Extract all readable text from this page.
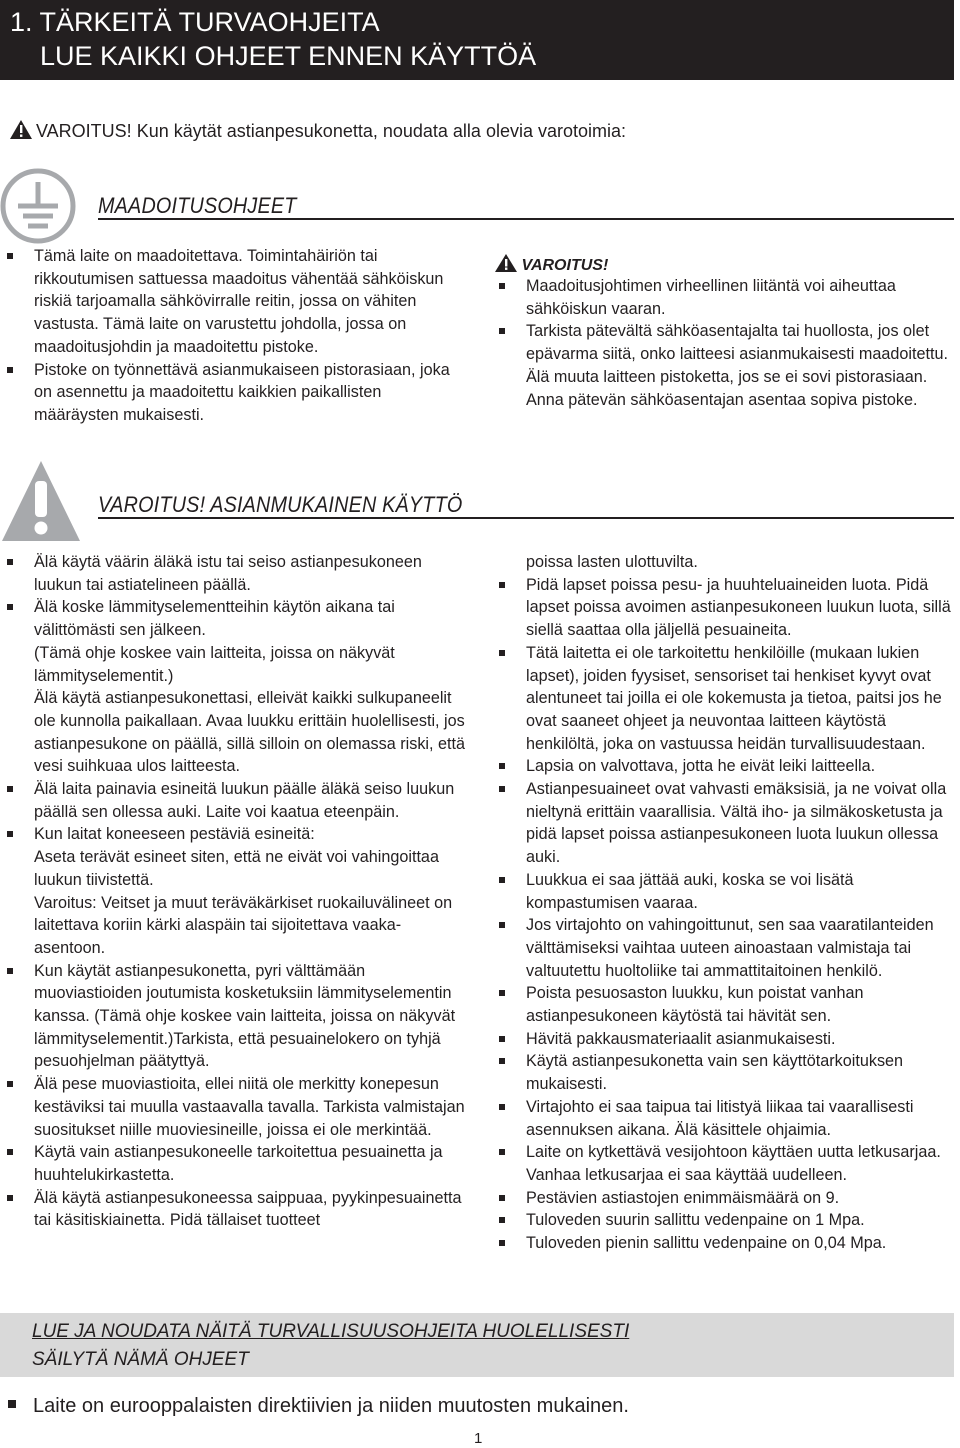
1. TÄRKEITÄ TURVAOHJEITA
LUE KAIKKI OHJEET ENNEN KÄYTTÖÄ
VAROITUS! Kun käytät astianpesukonetta, noudata alla olevia varotoimia:
MAADOITUSOHJEET
Tämä laite on maadoitettava. Toimintahäiriön tai rikkoutumisen sattuessa maadoitus vähentää sähköiskun riskiä tarjoamalla sähkövirralle reitin, jossa on vähiten vastusta. Tämä laite on varustettu johdolla, jossa on maadoitusjohdin ja maadoitettu pistoke.
Pistoke on työnnettävä asianmukaiseen pistorasiaan, joka on asennettu ja maadoitettu kaikkien paikallisten määräysten mukaisesti.
VAROITUS!
Maadoitusjohtimen virheellinen liitäntä voi aiheuttaa sähköiskun vaaran.
Tarkista pätevältä sähköasentajalta tai huollosta, jos olet epävarma siitä, onko laitteesi asianmukaisesti maadoitettu. Älä muuta laitteen pistoketta, jos se ei sovi pistorasiaan. Anna pätevän sähköasentajan asentaa sopiva pistoke.
VAROITUS! ASIANMUKAINEN KÄYTTÖ
Älä käytä väärin äläkä istu tai seiso astianpesukoneen luukun tai astiatelineen päällä.
Älä koske lämmityselementteihin käytön aikana tai välittömästi sen jälkeen.
(Tämä ohje koskee vain laitteita, joissa on näkyvät lämmityselementit.)
Älä käytä astianpesukonettasi, elleivät kaikki sulkupaneelit ole kunnolla paikallaan. Avaa luukku erittäin huolellisesti, jos astianpesukone on päällä, sillä silloin on olemassa riski, että vesi suihkuaa ulos laitteesta.
Älä laita painavia esineitä luukun päälle äläkä seiso luukun päällä sen ollessa auki. Laite voi kaatua eteenpäin.
Kun laitat koneeseen pestäviä esineitä:
Aseta terävät esineet siten, että ne eivät voi vahingoittaa luukun tiivistettä.
Varoitus: Veitset ja muut teräväkärkiset ruokailuvälineet on laitettava koriin kärki alaspäin tai sijoitettava vaaka-asentoon.
Kun käytät astianpesukonetta, pyri välttämään muoviastioiden joutumista kosketuksiin lämmityselementin kanssa. (Tämä ohje koskee vain laitteita, joissa on näkyvät lämmityselementit.)Tarkista, että pesuainelokero on tyhjä pesuohjelman päätyttyä.
Älä pese muoviastioita, ellei niitä ole merkitty konepesun kestäviksi tai muulla vastaavalla tavalla. Tarkista valmistajan suositukset niille muoviesineille, joissa ei ole merkintää.
Käytä vain astianpesukoneelle tarkoitettua pesuainetta ja huuhtelukirkastetta.
Älä käytä astianpesukoneessa saippuaa, pyykinpesuainetta tai käsitiskiainetta. Pidä tällaiset tuotteet
poissa lasten ulottuvilta.
Pidä lapset poissa pesu- ja huuhteluaineiden luota. Pidä lapset poissa avoimen astianpesukoneen luukun luota, sillä siellä saattaa olla jäljellä pesuaineita.
Tätä laitetta ei ole tarkoitettu henkilöille (mukaan lukien lapset), joiden fyysiset, sensoriset tai henkiset kyvyt ovat alentuneet tai joilla ei ole kokemusta ja tietoa, paitsi jos he ovat saaneet ohjeet ja neuvontaa laitteen käytöstä henkilöltä, joka on vastuussa heidän turvallisuudestaan.
Lapsia on valvottava, jotta he eivät leiki laitteella.
Astianpesuaineet ovat vahvasti emäksisiä, ja ne voivat olla nieltynä erittäin vaarallisia. Vältä iho- ja silmäkosketusta ja pidä lapset poissa astianpesukoneen luota luukun ollessa auki.
Luukkua ei saa jättää auki, koska se voi lisätä kompastumisen vaaraa.
Jos virtajohto on vahingoittunut, sen saa vaaratilanteiden välttämiseksi vaihtaa uuteen ainoastaan valmistaja tai valtuutettu huoltoliike tai ammattitaitoinen henkilö.
Poista pesuosaston luukku, kun poistat vanhan astianpesukoneen käytöstä tai hävität sen.
Hävitä pakkausmateriaalit asianmukaisesti.
Käytä astianpesukonetta vain sen käyttötarkoituksen mukaisesti.
Virtajohto ei saa taipua tai litistyä liikaa tai vaarallisesti asennuksen aikana. Älä käsittele ohjaimia.
Laite on kytkettävä vesijohtoon käyttäen uutta letkusarjaa. Vanhaa letkusarjaa ei saa käyttää uudelleen.
Pestävien astiastojen enimmäismäärä on 9.
Tuloveden suurin sallittu vedenpaine on 1 Mpa.
Tuloveden pienin sallittu vedenpaine on 0,04 Mpa.
LUE JA NOUDATA NÄITÄ TURVALLISUUSOHJEITA HUOLELLISESTI
SÄILYTÄ NÄMÄ OHJEET
Laite on eurooppalaisten direktiivien ja niiden muutosten mukainen.
1
